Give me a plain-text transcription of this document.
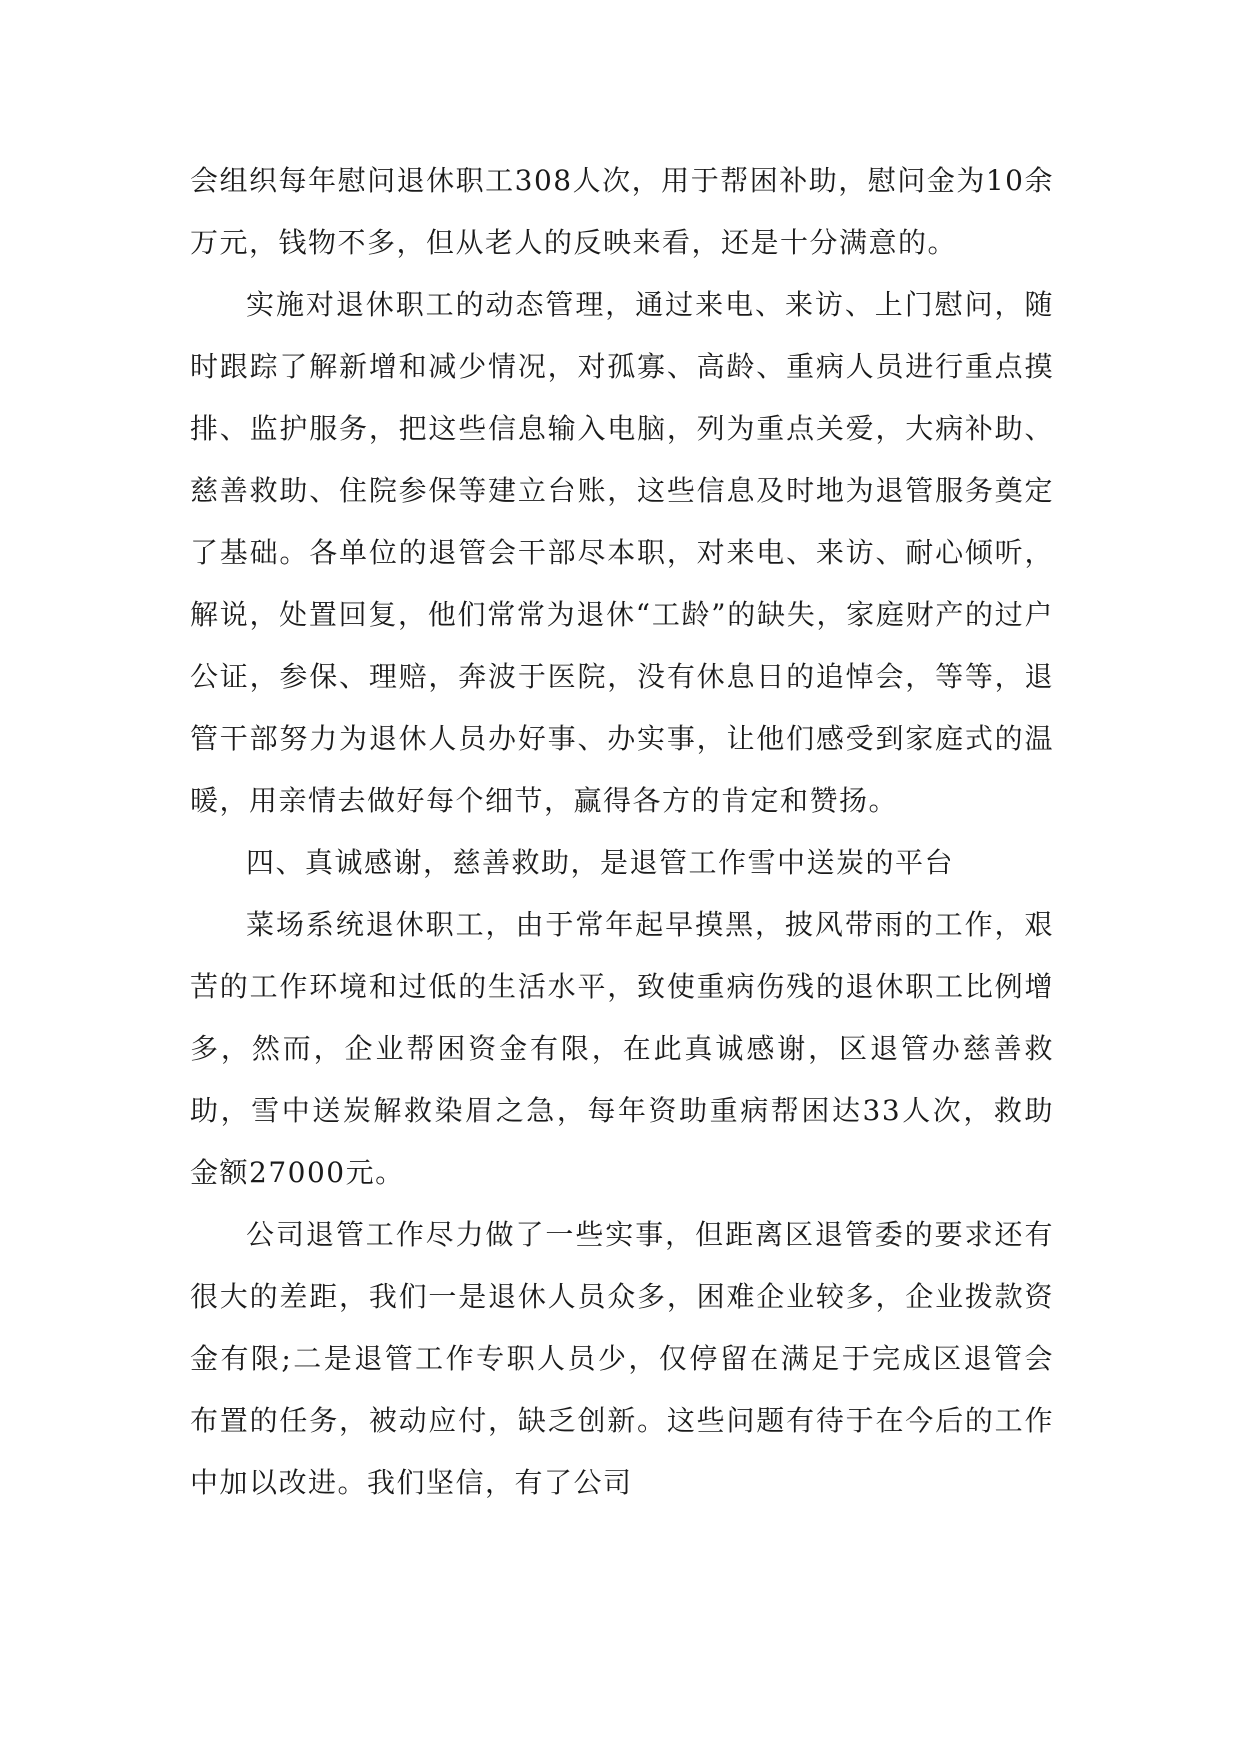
会组织每年慰问退休职工308人次，用于帮困补助，慰问金为10余万元，钱物不多，但从老人的反映来看，还是十分满意的。

实施对退休职工的动态管理，通过来电、来访、上门慰问，随时跟踪了解新增和减少情况，对孤寡、高龄、重病人员进行重点摸排、监护服务，把这些信息输入电脑，列为重点关爱，大病补助、慈善救助、住院参保等建立台账，这些信息及时地为退管服务奠定了基础。各单位的退管会干部尽本职，对来电、来访、耐心倾听，解说，处置回复，他们常常为退休“工龄”的缺失，家庭财产的过户公证，参保、理赔，奔波于医院，没有休息日的追悼会，等等，退管干部努力为退休人员办好事、办实事，让他们感受到家庭式的温暖，用亲情去做好每个细节，赢得各方的肯定和赞扬。

四、真诚感谢，慈善救助，是退管工作雪中送炭的平台

菜场系统退休职工，由于常年起早摸黑，披风带雨的工作，艰苦的工作环境和过低的生活水平，致使重病伤残的退休职工比例增多，然而，企业帮困资金有限，在此真诚感谢，区退管办慈善救助，雪中送炭解救染眉之急，每年资助重病帮困达33人次，救助金额27000元。

公司退管工作尽力做了一些实事，但距离区退管委的要求还有很大的差距，我们一是退休人员众多，困难企业较多，企业拨款资金有限;二是退管工作专职人员少，仅停留在满足于完成区退管会布置的任务，被动应付，缺乏创新。这些问题有待于在今后的工作中加以改进。我们坚信，有了公司
